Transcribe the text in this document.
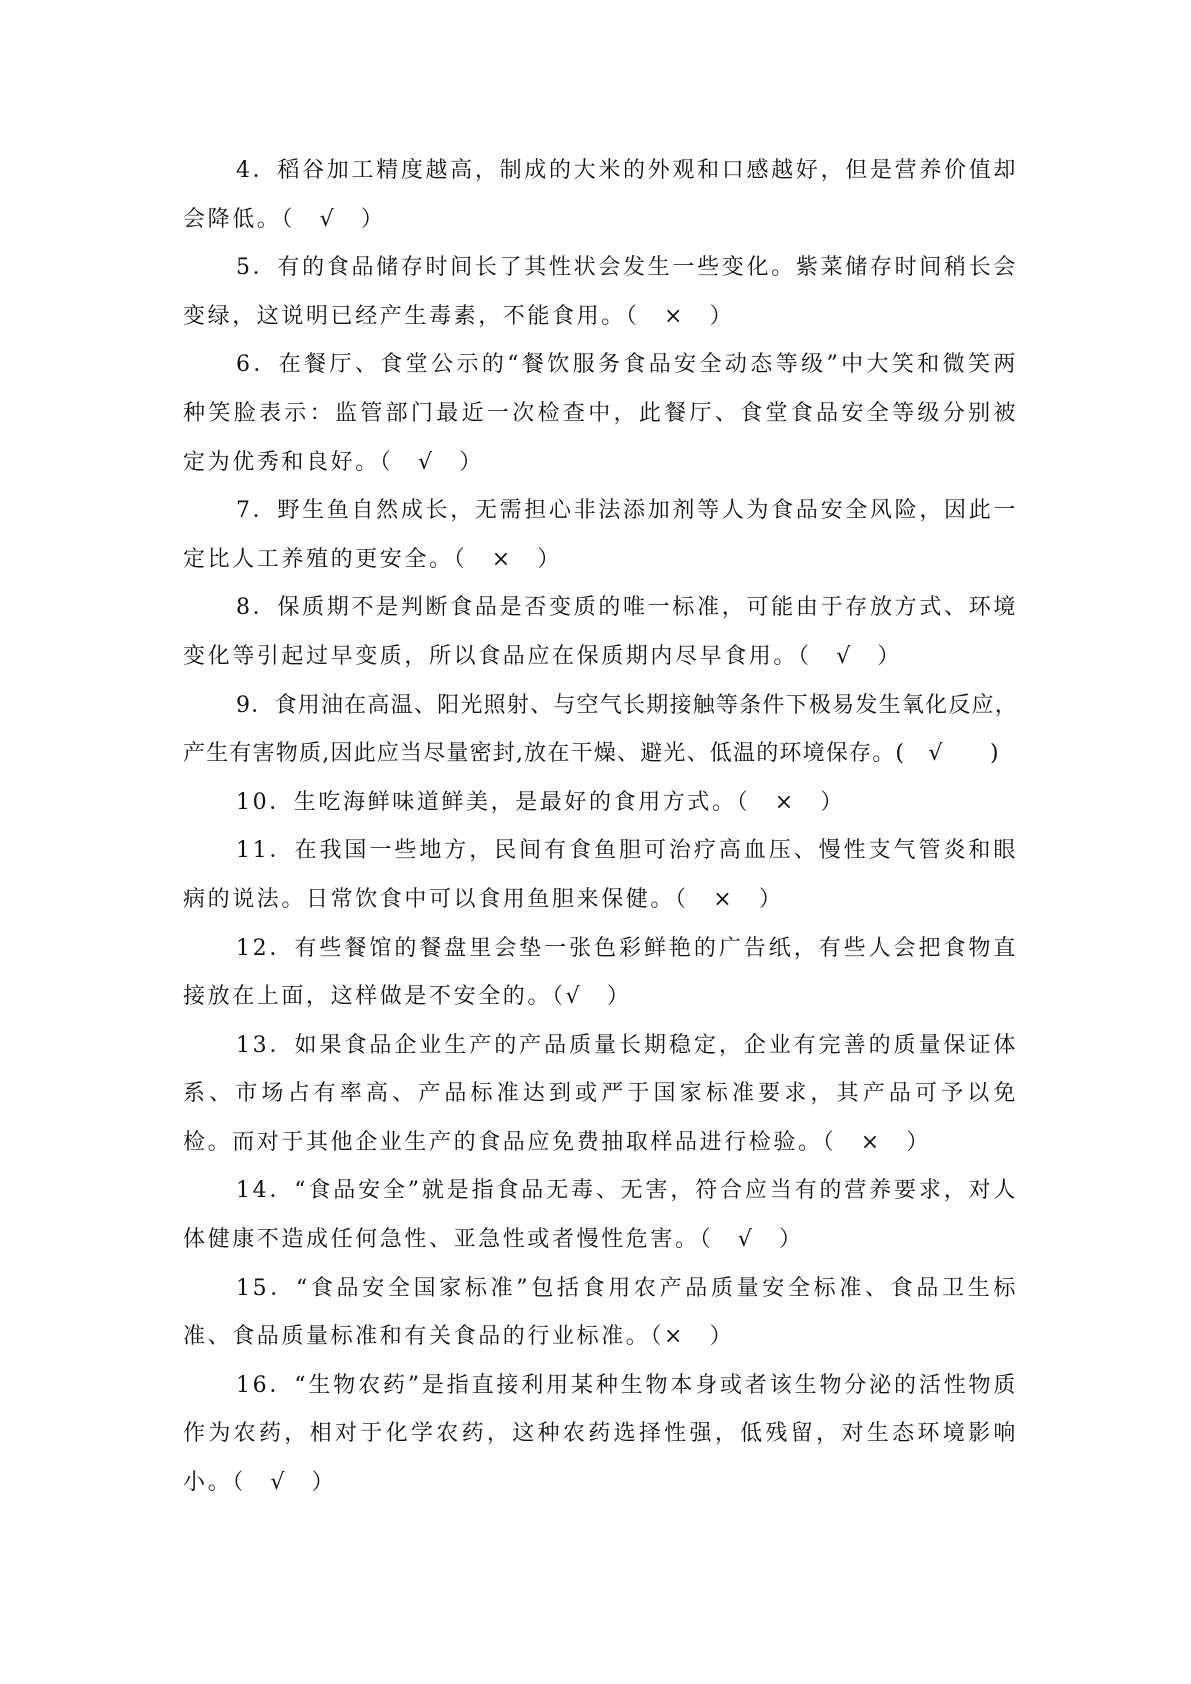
4．稻谷加工精度越高，制成的大米的外观和口感越好，但是营养价值却会降低。（　√　）

5．有的食品储存时间长了其性状会发生一些变化。紫菜储存时间稍长会变绿，这说明已经产生毒素，不能食用。（　×　）

6．在餐厅、食堂公示的“餐饮服务食品安全动态等级”中大笑和微笑两种笑脸表示：监管部门最近一次检查中，此餐厅、食堂食品安全等级分别被定为优秀和良好。（　√　）

7．野生鱼自然成长，无需担心非法添加剂等人为食品安全风险，因此一定比人工养殖的更安全。（　×　）

8．保质期不是判断食品是否变质的唯一标准，可能由于存放方式、环境变化等引起过早变质，所以食品应在保质期内尽早食用。（　√　）

9．食用油在高温、阳光照射、与空气长期接触等条件下极易发生氧化反应，产生有害物质,因此应当尽量密封,放在干燥、避光、低温的环境保存。(　√　　)

10．生吃海鲜味道鲜美，是最好的食用方式。（　×　）

11．在我国一些地方，民间有食鱼胆可治疗高血压、慢性支气管炎和眼病的说法。日常饮食中可以食用鱼胆来保健。（　×　）

12．有些餐馆的餐盘里会垫一张色彩鲜艳的广告纸，有些人会把食物直接放在上面，这样做是不安全的。（√　）

13．如果食品企业生产的产品质量长期稳定，企业有完善的质量保证体系、市场占有率高、产品标准达到或严于国家标准要求，其产品可予以免检。而对于其他企业生产的食品应免费抽取样品进行检验。（　×　）

14．“食品安全”就是指食品无毒、无害，符合应当有的营养要求，对人体健康不造成任何急性、亚急性或者慢性危害。（　√　）

15．“食品安全国家标准”包括食用农产品质量安全标准、食品卫生标准、食品质量标准和有关食品的行业标准。（×　）

16．“生物农药”是指直接利用某种生物本身或者该生物分泌的活性物质作为农药，相对于化学农药，这种农药选择性强，低残留，对生态环境影响小。（　√　）
